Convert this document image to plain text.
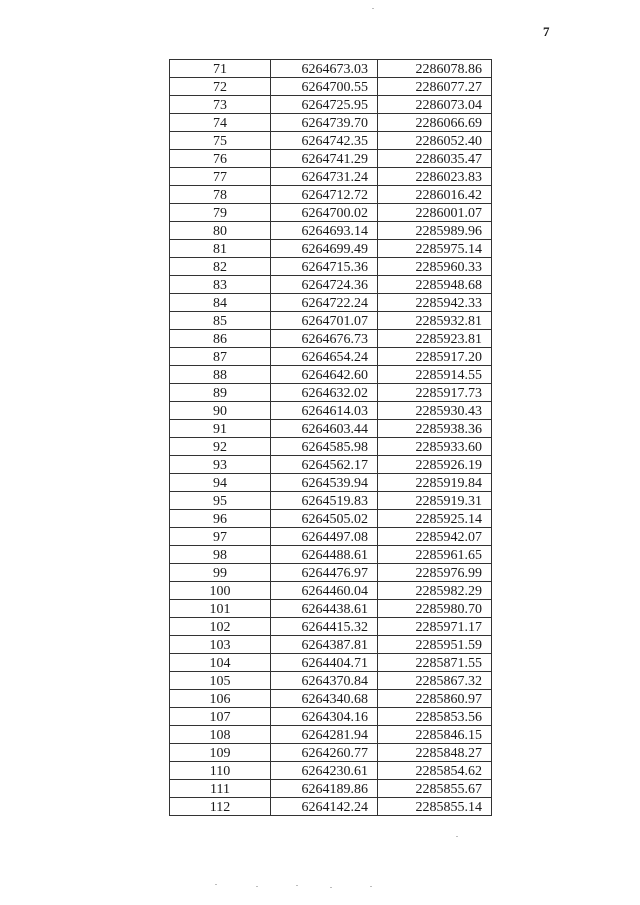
7
71	6264673.03	2286078.86
72	6264700.55	2286077.27
73	6264725.95	2286073.04
74	6264739.70	2286066.69
75	6264742.35	2286052.40
76	6264741.29	2286035.47
77	6264731.24	2286023.83
78	6264712.72	2286016.42
79	6264700.02	2286001.07
80	6264693.14	2285989.96
81	6264699.49	2285975.14
82	6264715.36	2285960.33
83	6264724.36	2285948.68
84	6264722.24	2285942.33
85	6264701.07	2285932.81
86	6264676.73	2285923.81
87	6264654.24	2285917.20
88	6264642.60	2285914.55
89	6264632.02	2285917.73
90	6264614.03	2285930.43
91	6264603.44	2285938.36
92	6264585.98	2285933.60
93	6264562.17	2285926.19
94	6264539.94	2285919.84
95	6264519.83	2285919.31
96	6264505.02	2285925.14
97	6264497.08	2285942.07
98	6264488.61	2285961.65
99	6264476.97	2285976.99
100	6264460.04	2285982.29
101	6264438.61	2285980.70
102	6264415.32	2285971.17
103	6264387.81	2285951.59
104	6264404.71	2285871.55
105	6264370.84	2285867.32
106	6264340.68	2285860.97
107	6264304.16	2285853.56
108	6264281.94	2285846.15
109	6264260.77	2285848.27
110	6264230.61	2285854.62
111	6264189.86	2285855.67
112	6264142.24	2285855.14
